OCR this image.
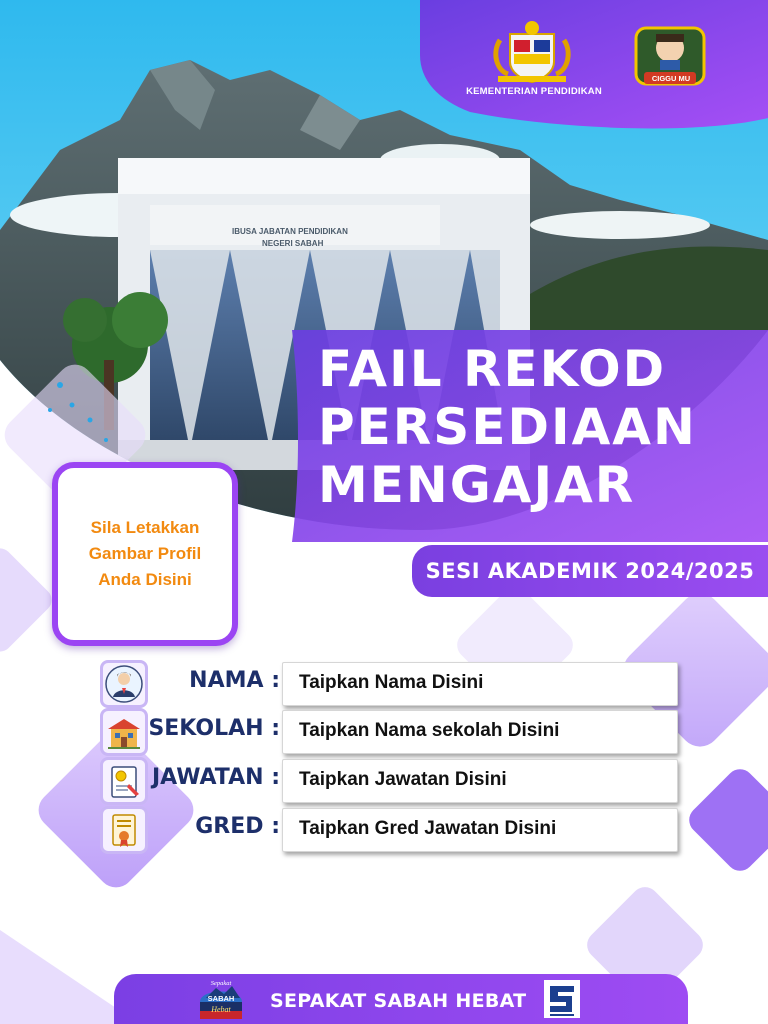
IBUSA JABATAN PENDIDIKAN
NEGERI SABAH
KEMENTERIAN PENDIDIKAN
CIGGU MU
FAIL REKOD
PERSEDIAAN
MENGAJAR
SESI AKADEMIK 2024/2025
Sila Letakkan
Gambar Profil
Anda Disini
NAMA : Taipkan Nama Disini
SEKOLAH : Taipkan Nama sekolah Disini
JAWATAN : Taipkan Jawatan Disini
GRED : Taipkan Gred Jawatan Disini
SABAH
Hebat
Sepakat
SEPAKAT SABAH HEBAT
